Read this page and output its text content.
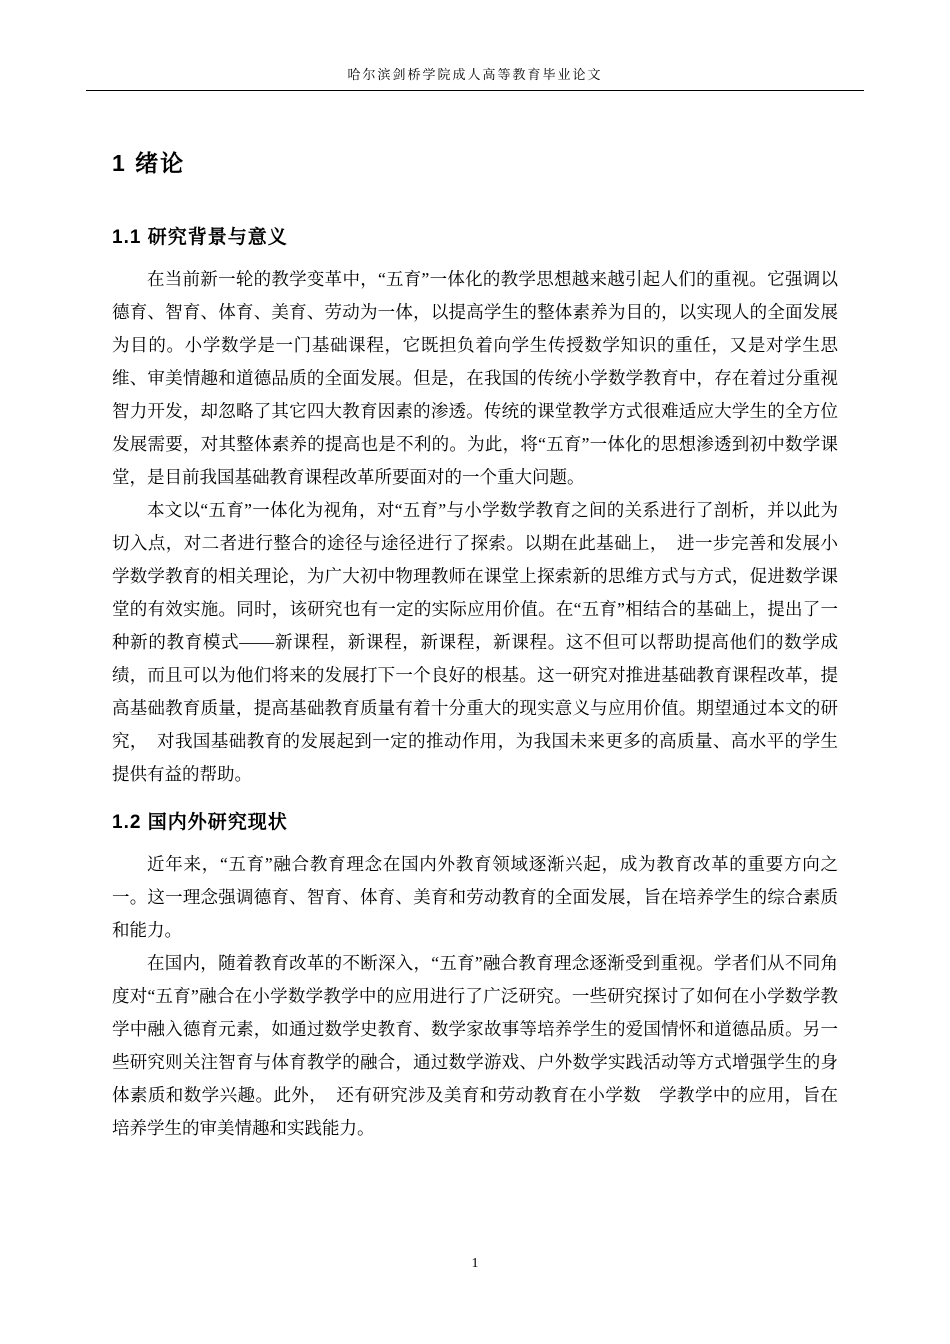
哈尔滨剑桥学院成人高等教育毕业论文
1 绪论
1.1 研究背景与意义

在当前新一轮的教学变革中，“五育”一体化的教学思想越来越引起人们的重视。它强调以德育、智育、体育、美育、劳动为一体，以提高学生的整体素养为目的，以实现人的全面发展为目的。小学数学是一门基础课程，它既担负着向学生传授数学知识的重任，又是对学生思维、审美情趣和道德品质的全面发展。但是，在我国的传统小学数学教育中，存在着过分重视智力开发，却忽略了其它四大教育因素的渗透。传统的课堂教学方式很难适应大学生的全方位发展需要，对其整体素养的提高也是不利的。为此，将“五育”一体化的思想渗透到初中数学课堂，是目前我国基础教育课程改革所要面对的一个重大问题。

本文以“五育”一体化为视角，对“五育”与小学数学教育之间的关系进行了剖析，并以此为切入点，对二者进行整合的途径与途径进行了探索。以期在此基础上，　进一步完善和发展小学数学教育的相关理论，为广大初中物理教师在课堂上探索新的思维方式与方式，促进数学课堂的有效实施。同时，该研究也有一定的实际应用价值。在“五育”相结合的基础上，提出了一种新的教育模式——新课程，新课程，新课程，新课程。这不但可以帮助提高他们的数学成绩，而且可以为他们将来的发展打下一个良好的根基。这一研究对推进基础教育课程改革，提高基础教育质量，提高基础教育质量有着十分重大的现实意义与应用价值。期望通过本文的研究，　对我国基础教育的发展起到一定的推动作用，为我国未来更多的高质量、高水平的学生提供有益的帮助。

1.2 国内外研究现状

近年来，“五育”融合教育理念在国内外教育领域逐渐兴起，成为教育改革的重要方向之一。这一理念强调德育、智育、体育、美育和劳动教育的全面发展，旨在培养学生的综合素质和能力。

在国内，随着教育改革的不断深入，“五育”融合教育理念逐渐受到重视。学者们从不同角度对“五育”融合在小学数学教学中的应用进行了广泛研究。一些研究探讨了如何在小学数学教学中融入德育元素，如通过数学史教育、数学家故事等培养学生的爱国情怀和道德品质。另一些研究则关注智育与体育教学的融合，通过数学游戏、户外数学实践活动等方式增强学生的身体素质和数学兴趣。此外，　还有研究涉及美育和劳动教育在小学数　学教学中的应用，旨在培养学生的审美情趣和实践能力。

1
